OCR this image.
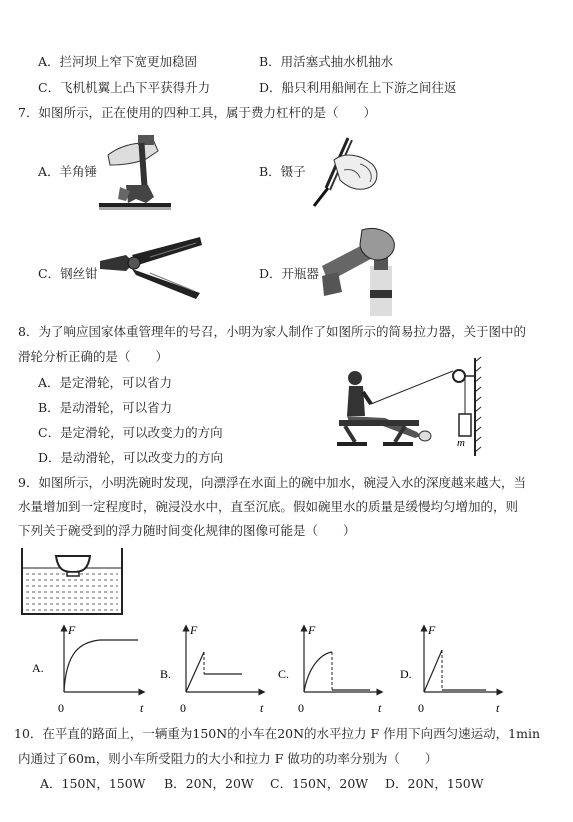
A．拦河坝上窄下宽更加稳固	B．用活塞式抽水机抽水
C．飞机机翼上凸下平获得升力	D．船只利用船闸在上下游之间往返
7．如图所示，正在使用的四种工具，属于费力杠杆的是（　　）
A．羊角锤	B．镊子
C．钢丝钳	D．开瓶器
8．为了响应国家体重管理年的号召，小明为家人制作了如图所示的简易拉力器，关于图中的
滑轮分析正确的是（　　）
A．是定滑轮，可以省力
B．是动滑轮，可以省力
C．是定滑轮，可以改变力的方向
D．是动滑轮，可以改变力的方向
m
9．如图所示，小明洗碗时发现，向漂浮在水面上的碗中加水，碗浸入水的深度越来越大，当
水量增加到一定程度时，碗浸没水中，直至沉底。假如碗里水的质量是缓慢均匀增加的，则
下列关于碗受到的浮力随时间变化规律的图像可能是（　　）
A.
F
t
0
B.
F
t
0
C.
F
t
0
D.
F
t
0
10．在平直的路面上，一辆重为150N的小车在20N的水平拉力 F 作用下向西匀速运动，1min
内通过了60m，则小车所受阻力的大小和拉力 F 做功的功率分别为（　　）
A．150N，150W B．20N，20W C．150N，20W D．20N，150W
